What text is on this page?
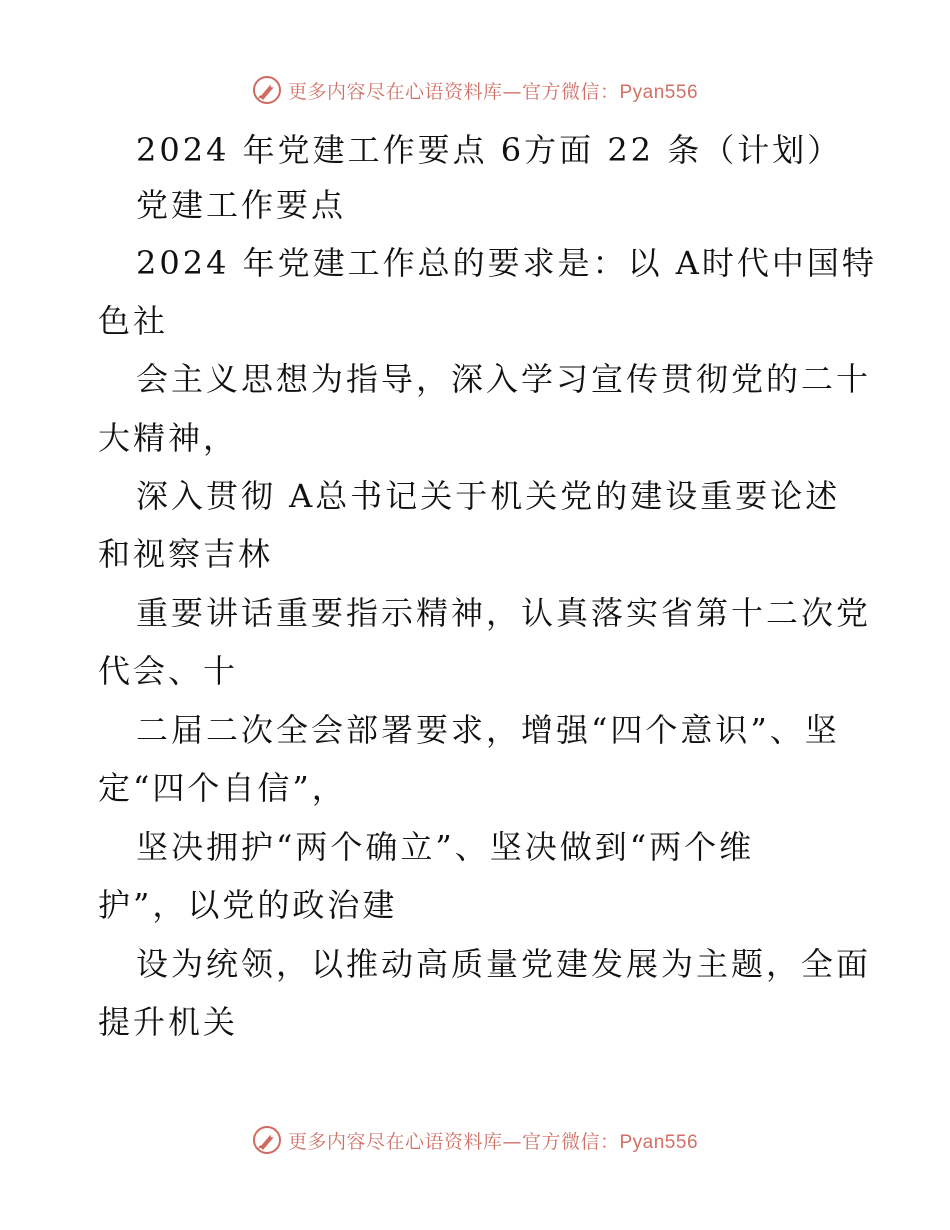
更多内容尽在心语资料库—官方微信：Pyan556
2024 年党建工作要点 6方面 22 条（计划）
党建工作要点
2024 年党建工作总的要求是：以 A时代中国特
色社
会主义思想为指导，深入学习宣传贯彻党的二十
大精神，
深入贯彻 A总书记关于机关党的建设重要论述
和视察吉林
重要讲话重要指示精神，认真落实省第十二次党
代会、十
二届二次全会部署要求，增强“四个意识”、坚
定“四个自信”，
坚决拥护“两个确立”、坚决做到“两个维
护”，以党的政治建
设为统领，以推动高质量党建发展为主题，全面
提升机关
更多内容尽在心语资料库—官方微信：Pyan556
